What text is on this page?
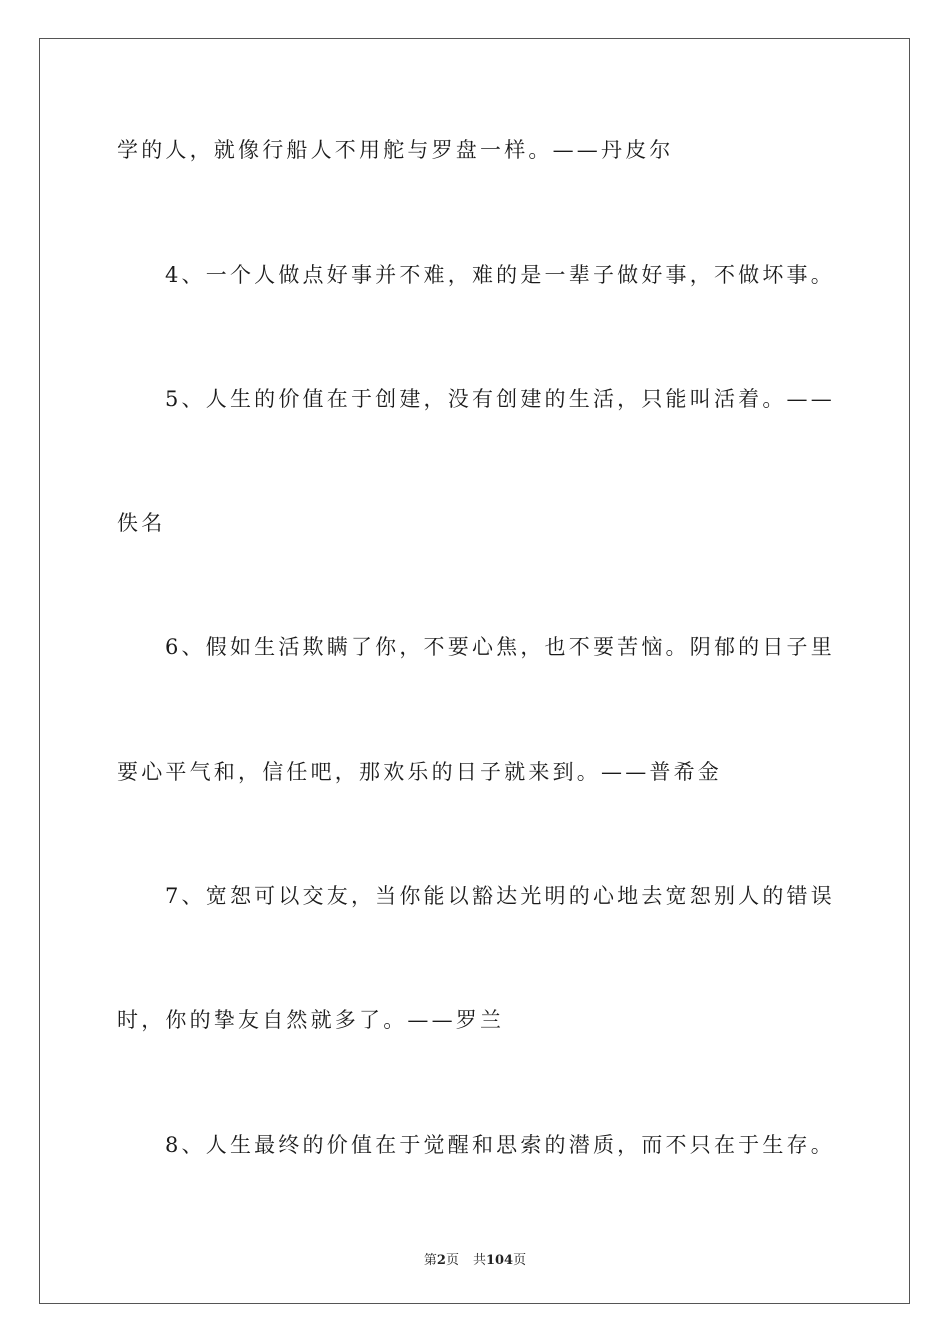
学的人，就像行船人不用舵与罗盘一样。——丹皮尔
4、一个人做点好事并不难，难的是一辈子做好事，不做坏事。
5、人生的价值在于创建，没有创建的生活，只能叫活着。——
佚名
6、假如生活欺瞒了你，不要心焦，也不要苦恼。阴郁的日子里
要心平气和，信任吧，那欢乐的日子就来到。——普希金
7、宽恕可以交友，当你能以豁达光明的心地去宽恕别人的错误
时，你的挚友自然就多了。——罗兰
8、人生最终的价值在于觉醒和思索的潜质，而不只在于生存。
第2页 共104页
